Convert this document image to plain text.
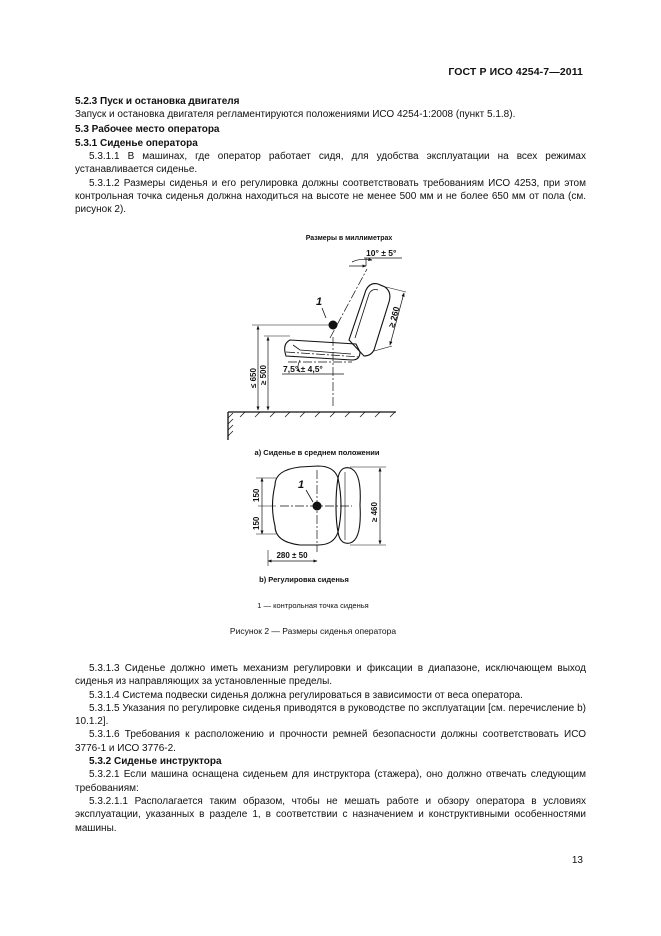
ГОСТ Р ИСО 4254-7—2011

5.2.3 Пуск и остановка двигателя

Запуск и остановка двигателя регламентируются положениями ИСО 4254-1:2008 (пункт 5.1.8).

5.3 Рабочее место оператора

5.3.1 Сиденье оператора

5.3.1.1 В машинах, где оператор работает сидя, для удобства эксплуатации на всех режимах устанавливается сиденье.

5.3.1.2 Размеры сиденья и его регулировка должны соответствовать требованиям ИСО 4253, при этом контрольная точка сиденья должна находиться на высоте не менее 500 мм и не более 650 мм от пола (см. рисунок 2).

Размеры в миллиметрах
1
10° ± 5°
≥ 260
7,5° ± 4,5°
≤ 650 ≥ 500
a) Сиденье в среднем положении
1
150
150
≥ 460
280 ± 50
b) Регулировка сиденья
1 — контрольная точка сиденья
Рисунок 2 — Размеры сиденья оператора

5.3.1.3 Сиденье должно иметь механизм регулировки и фиксации в диапазоне, исключающем выход сиденья из направляющих за установленные пределы.

5.3.1.4 Система подвески сиденья должна регулироваться в зависимости от веса оператора.

5.3.1.5 Указания по регулировке сиденья приводятся в руководстве по эксплуатации [см. перечисление b) 10.1.2].

5.3.1.6 Требования к расположению и прочности ремней безопасности должны соответствовать ИСО 3776-1 и ИСО 3776-2.

5.3.2 Сиденье инструктора

5.3.2.1 Если машина оснащена сиденьем для инструктора (стажера), оно должно отвечать следующим требованиям:

5.3.2.1.1 Располагается таким образом, чтобы не мешать работе и обзору оператора в условиях эксплуатации, указанных в разделе 1, в соответствии с назначением и конструктивными особенностями машины.

13
